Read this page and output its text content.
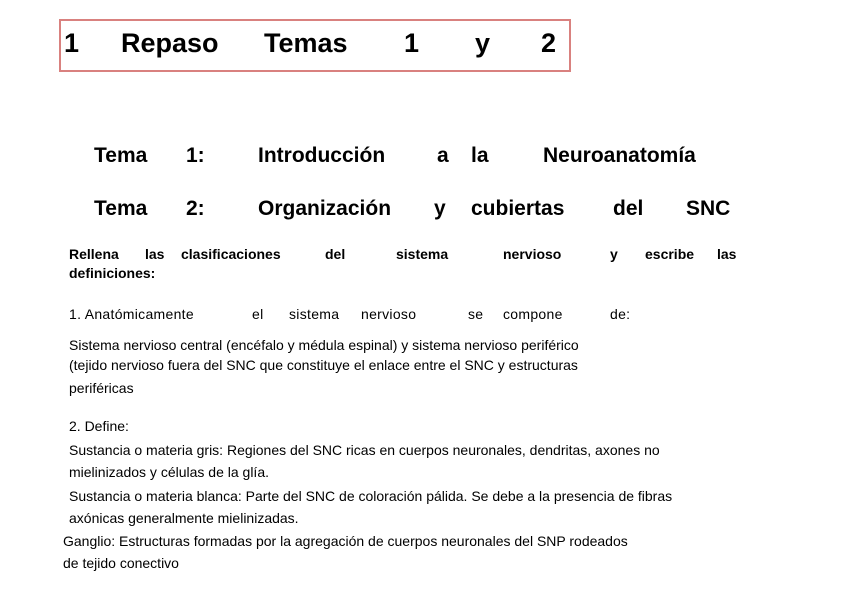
1 Repaso Temas 1 y 2
Tema 1:	Introducción a la	Neuroanatomía
Tema 2:	Organización y cubiertas del SNC
Rellena las clasificaciones	del	sistema	nervioso	y escribe las
definiciones:
1. Anatómicamente	el sistema nervioso	se compone	de:
Sistema nervioso central (encéfalo y médula espinal) y sistema nervioso periférico
(tejido nervioso fuera del SNC que constituye el enlace entre el SNC y estructuras
periféricas
2. Define:
Sustancia o materia gris: Regiones del SNC ricas en cuerpos neuronales, dendritas, axones no
mielinizados y células de la glía.
Sustancia o materia blanca: Parte del SNC de coloración pálida. Se debe a la presencia de fibras
axónicas generalmente mielinizadas.
Ganglio: Estructuras formadas por la agregación de cuerpos neuronales del SNP rodeados
de tejido conectivo
